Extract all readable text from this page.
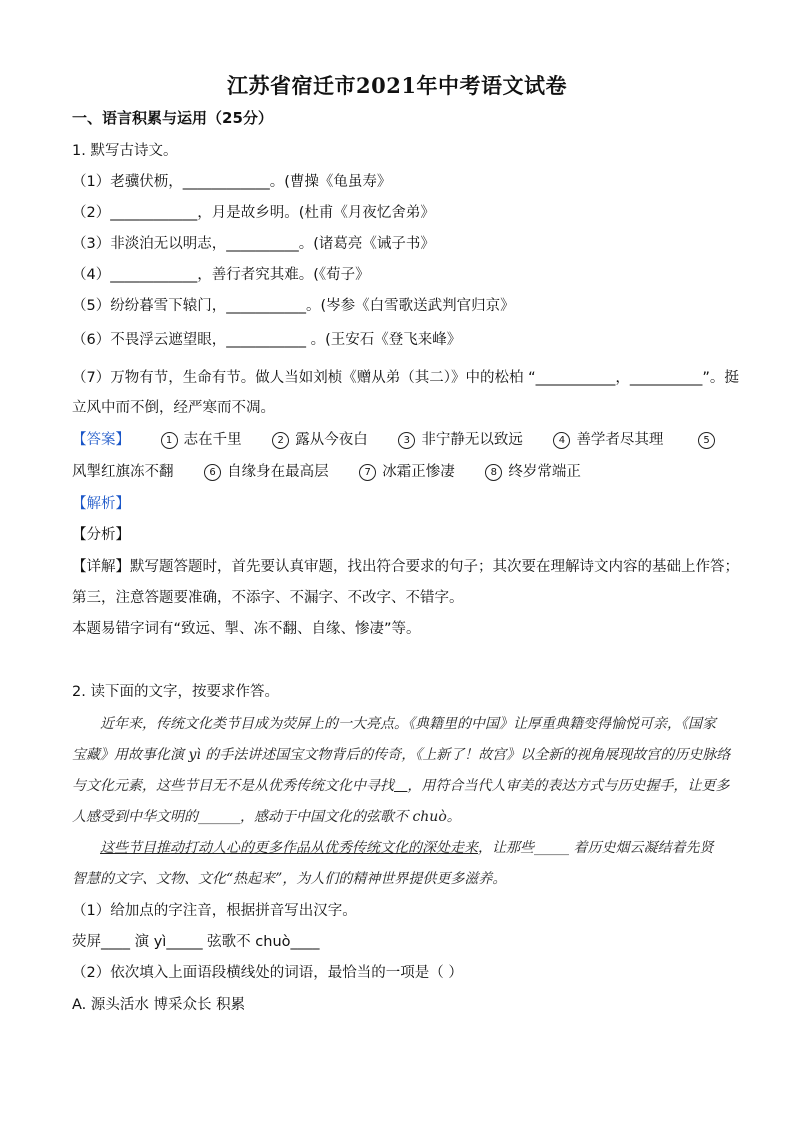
江苏省宿迁市2021年中考语文试卷
一、语言积累与运用（25分）
1. 默写古诗文。
（1）老骥伏枥，____________。(曹操《龟虽寿》
（2）____________，月是故乡明。(杜甫《月夜忆舍弟》
（3）非淡泊无以明志，__________。(诸葛亮《诫子书》
（4）____________，善行者究其难。(《荀子》
（5）纷纷暮雪下辕门，___________。(岑参《白雪歌送武判官归京》
（6）不畏浮云遮望眼，___________ 。(王安石《登飞来峰》
（7）万物有节，生命有节。做人当如刘桢《赠从弟（其二）》中的松柏 “___________，__________”。挺
立风中而不倒，经严寒而不凋。
【答案】	1 志在千里	2 露从今夜白	3 非宁静无以致远	4 善学者尽其理	5
风掣红旗冻不翻	6 自缘身在最高层	7 冰霜正惨凄	8 终岁常端正
【解析】
【分析】
【详解】默写题答题时，首先要认真审题，找出符合要求的句子；其次要在理解诗文内容的基础上作答；
第三，注意答题要准确，不添字、不漏字、不改字、不错字。
本题易错字词有“致远、掣、冻不翻、自缘、惨凄”等。
2. 读下面的文字，按要求作答。
近年来，传统文化类节目成为荧屏上的一大亮点。《典籍里的中国》让厚重典籍变得愉悦可亲，《国家
宝藏》用故事化演 yì 的手法讲述国宝文物背后的传奇，《上新了！故宫》以全新的视角展现故宫的历史脉络
与文化元素，这些节目无不是从优秀传统文化中寻找 ，用符合当代人审美的表达方式与历史握手，让更多
人感受到中华文明的______，感动于中国文化的弦歌不 chuò。
这些节目推动打动人心的更多作品从优秀传统文化的深处走来，让那些_____ 着历史烟云凝结着先贤
智慧的文字、文物、文化“热起来”，为人们的精神世界提供更多滋养。
（1）给加点的字注音，根据拼音写出汉字。
荧屏____ 演 yì_____ 弦歌不 chuò____
（2）依次填入上面语段横线处的词语，最恰当的一项是（ ）
A. 源头活水 博采众长 积累
